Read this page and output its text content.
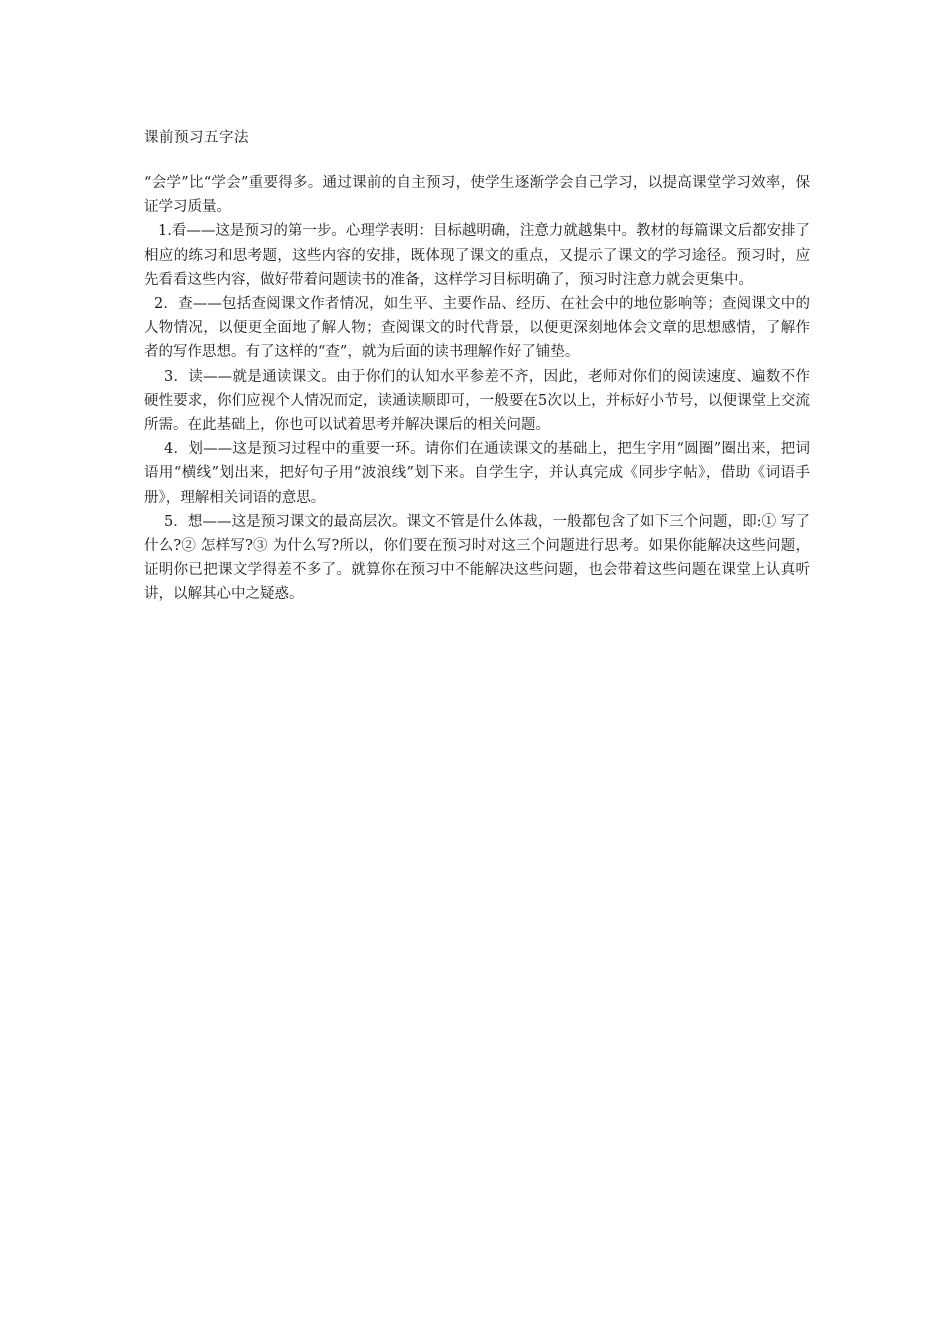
课前预习五字法

“会学”比“学会”重要得多。通过课前的自主预习，使学生逐渐学会自己学习，以提高课堂学习效率，保证学习质量。

1.看——这是预习的第一步。心理学表明：目标越明确，注意力就越集中。教材的每篇课文后都安排了相应的练习和思考题，这些内容的安排，既体现了课文的重点，又提示了课文的学习途径。预习时，应先看看这些内容，做好带着问题读书的准备，这样学习目标明确了，预习时注意力就会更集中。

2．查——包括查阅课文作者情况，如生平、主要作品、经历、在社会中的地位影响等；查阅课文中的人物情况，以便更全面地了解人物；查阅课文的时代背景，以便更深刻地体会文章的思想感情，了解作者的写作思想。有了这样的“查”，就为后面的读书理解作好了铺垫。

3．读——就是通读课文。由于你们的认知水平参差不齐，因此，老师对你们的阅读速度、遍数不作硬性要求，你们应视个人情况而定，读通读顺即可，一般要在5次以上，并标好小节号，以便课堂上交流所需。在此基础上，你也可以试着思考并解决课后的相关问题。

4．划——这是预习过程中的重要一环。请你们在通读课文的基础上，把生字用“圆圈”圈出来，把词语用“横线”划出来，把好句子用“波浪线”划下来。自学生字，并认真完成《同步字帖》，借助《词语手册》，理解相关词语的意思。

5．想——这是预习课文的最高层次。课文不管是什么体裁，一般都包含了如下三个问题，即:① 写了什么?② 怎样写?③ 为什么写?所以，你们要在预习时对这三个问题进行思考。如果你能解决这些问题，证明你已把课文学得差不多了。就算你在预习中不能解决这些问题，也会带着这些问题在课堂上认真听讲，以解其心中之疑惑。
